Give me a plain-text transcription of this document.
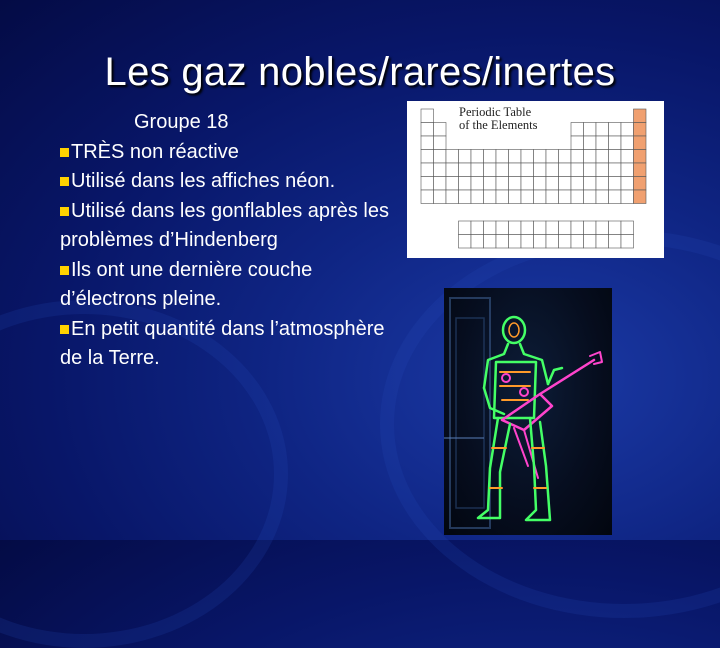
Les gaz nobles/rares/inertes
Groupe 18
TRÈS non réactive
Utilisé dans les affiches néon.
Utilisé dans les gonflables après les problèmes d’Hindenberg
Ils ont une dernière couche d’électrons pleine.
En petit quantité dans l’atmosphère de la Terre.
Periodic Table
of the Elements
